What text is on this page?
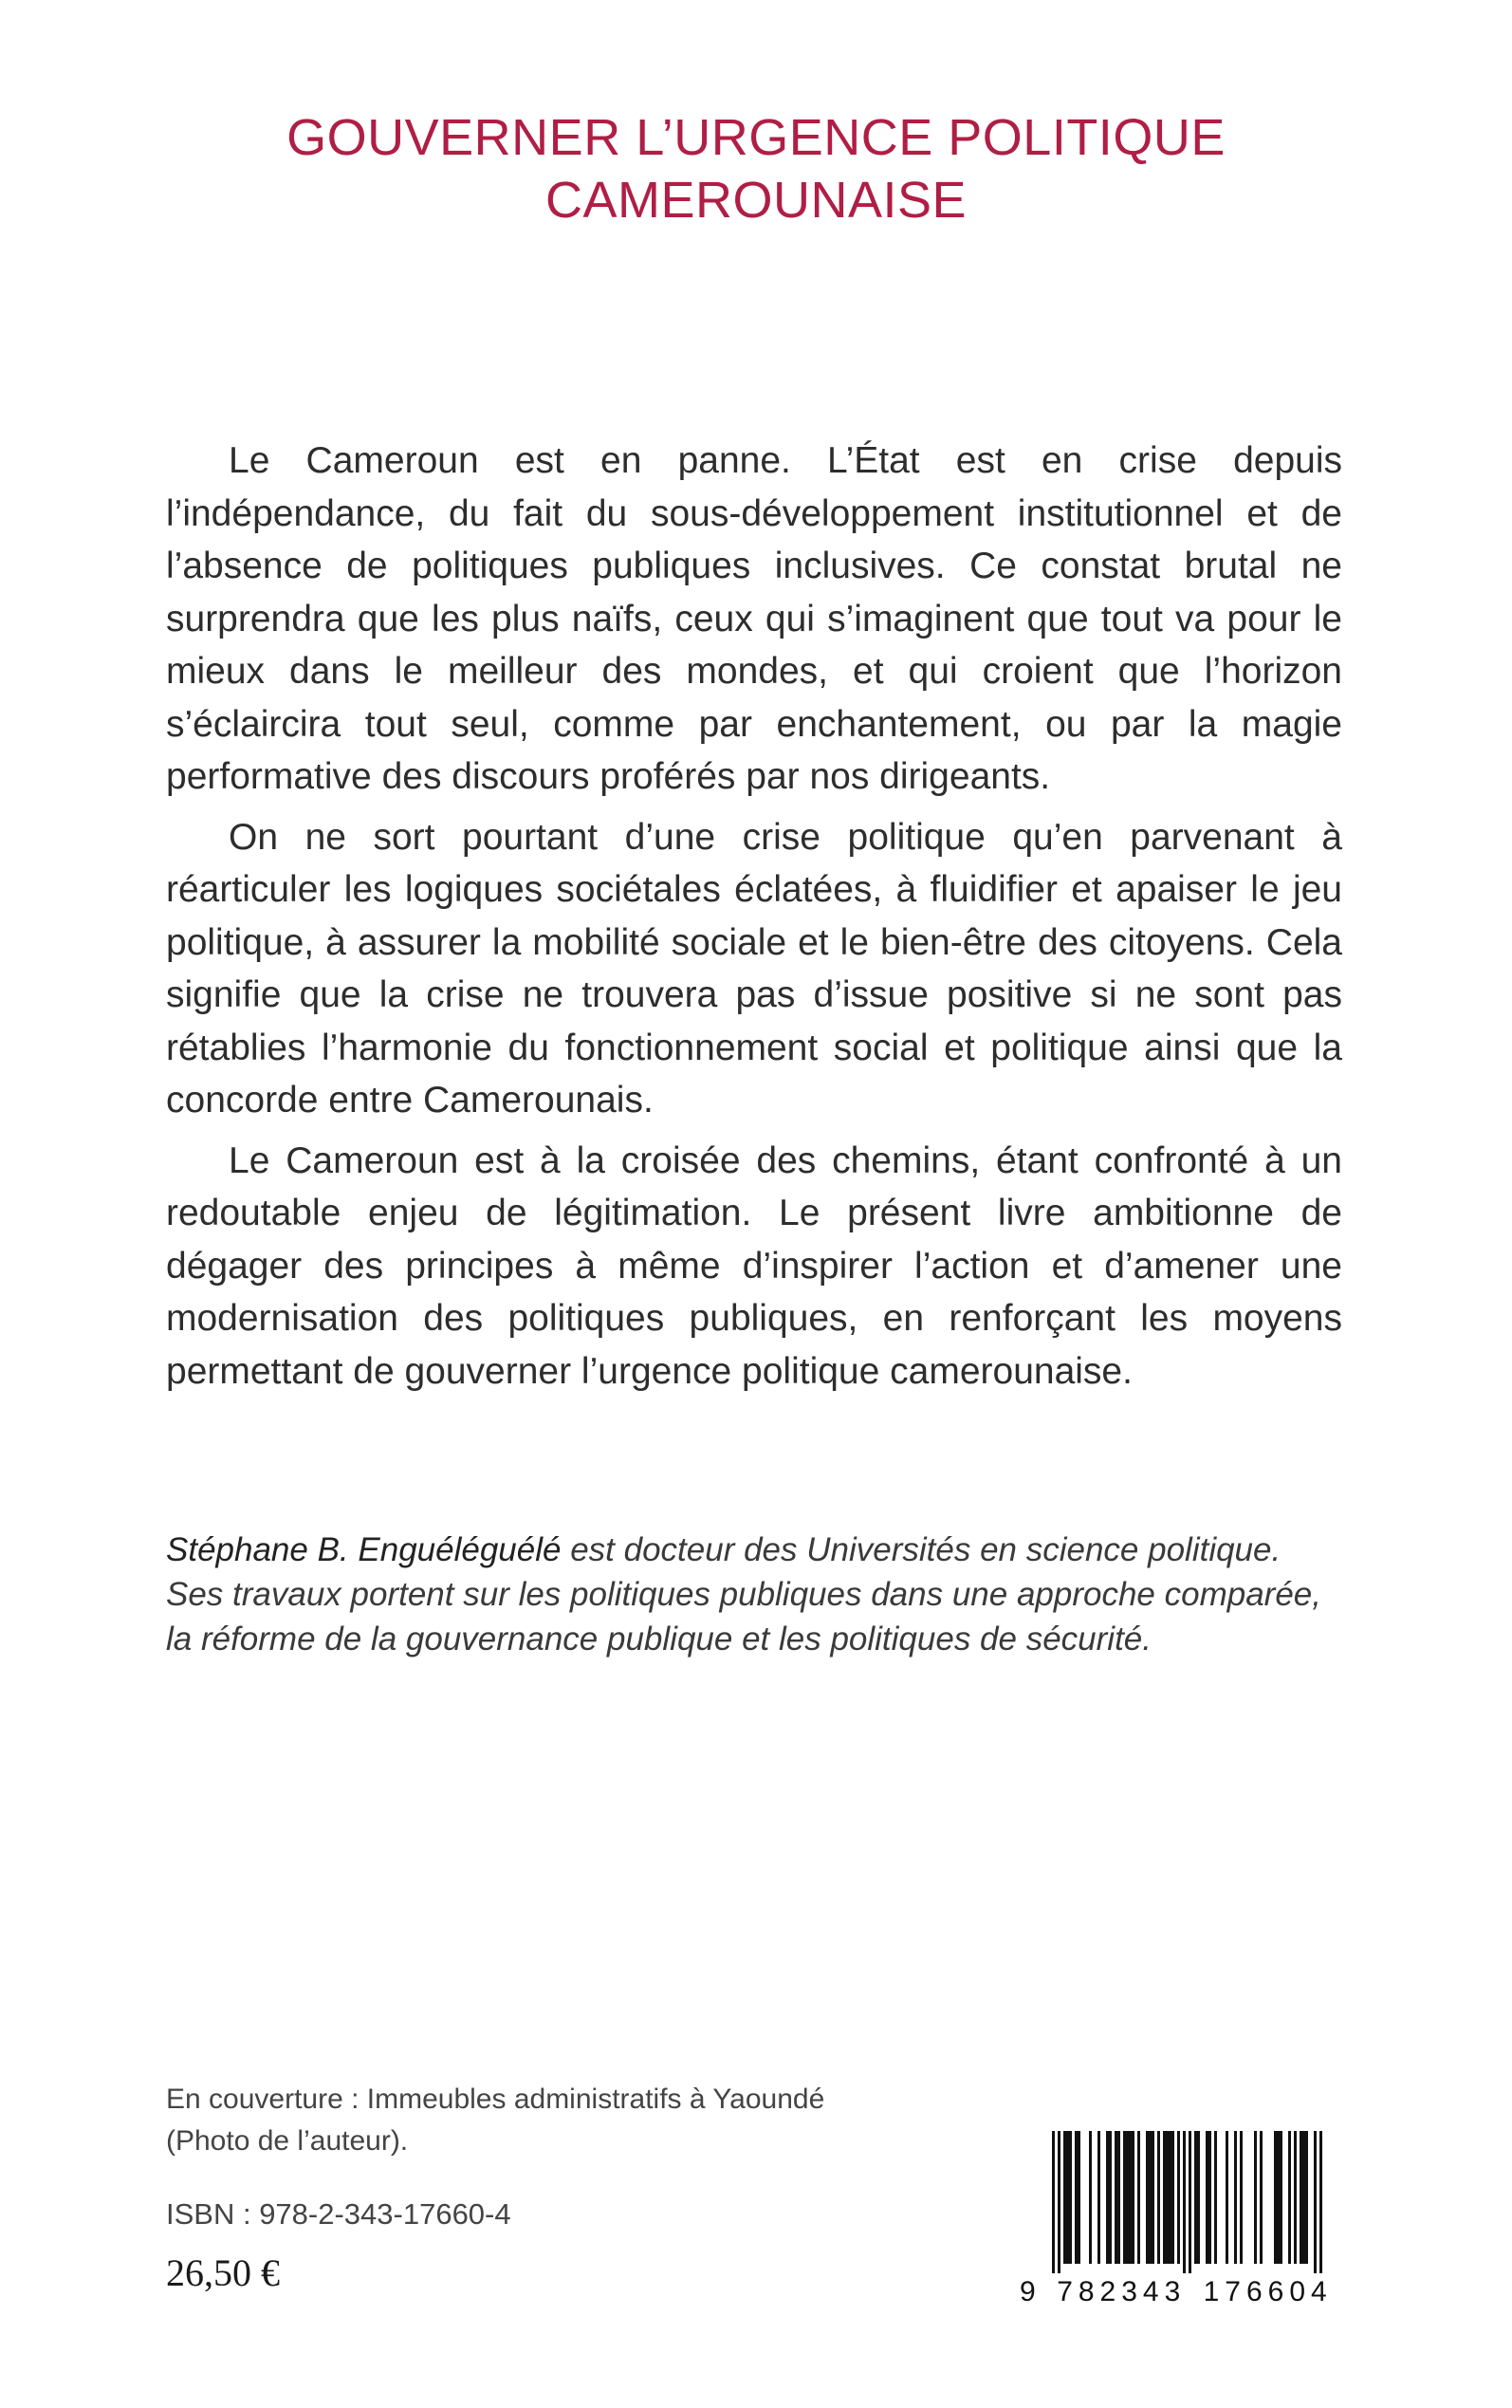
GOUVERNER L’URGENCE POLITIQUE
CAMEROUNAISE

Le Cameroun est en panne. L’État est en crise depuis l’indépendance, du fait du sous-développement institutionnel et de l’absence de politiques publiques inclusives. Ce constat brutal ne surprendra que les plus naïfs, ceux qui s’imaginent que tout va pour le mieux dans le meilleur des mondes, et qui croient que l’horizon s’éclaircira tout seul, comme par enchantement, ou par la magie performative des discours proférés par nos dirigeants.

On ne sort pourtant d’une crise politique qu’en parvenant à réarticuler les logiques sociétales éclatées, à fluidifier et apaiser le jeu politique, à assurer la mobilité sociale et le bien-être des citoyens. Cela signifie que la crise ne trouvera pas d’issue positive si ne sont pas rétablies l’harmonie du fonctionnement social et politique ainsi que la concorde entre Camerounais.

Le Cameroun est à la croisée des chemins, étant confronté à un redoutable enjeu de légitimation. Le présent livre ambitionne de dégager des principes à même d’inspirer l’action et d’amener une modernisation des politiques publiques, en renforçant les moyens permettant de gouverner l’urgence politique camerounaise.

Stéphane B. Enguéléguélé est docteur des Universités en science politique. Ses travaux portent sur les politiques publiques dans une approche comparée, la réforme de la gouvernance publique et les politiques de sécurité.
En couverture : Immeubles administratifs à Yaoundé
(Photo de l’auteur).
ISBN : 978-2-343-17660-4
26,50 €	9 782343 176604
